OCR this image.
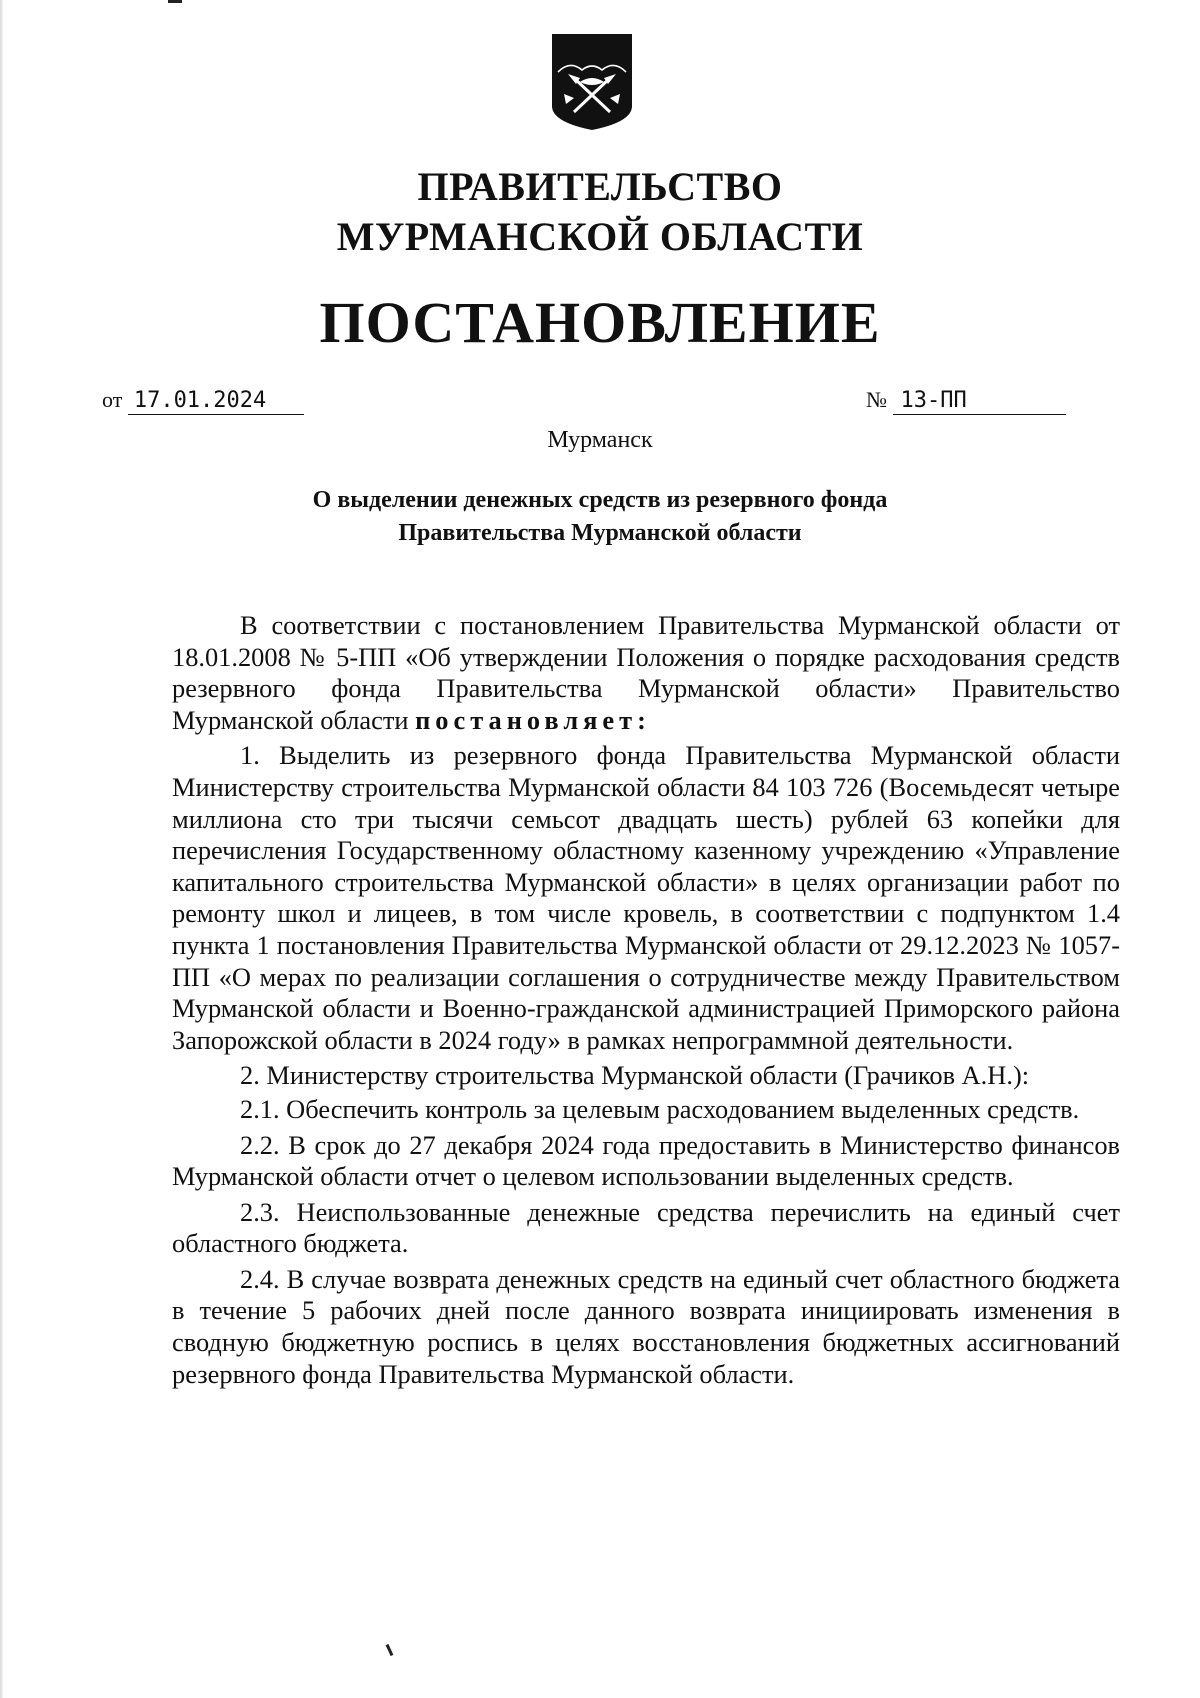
ПРАВИТЕЛЬСТВО
МУРМАНСКОЙ ОБЛАСТИ
ПОСТАНОВЛЕНИЕ
от 17.01.2024	№ 13-ПП
Мурманск
О выделении денежных средств из резервного фонда
Правительства Мурманской области

В соответствии с постановлением Правительства Мурманской области от 18.01.2008 № 5-ПП «Об утверждении Положения о порядке расходования средств резервного фонда Правительства Мурманской области» Правительство Мурманской области постановляет:

1. Выделить из резервного фонда Правительства Мурманской области Министерству строительства Мурманской области 84 103 726 (Восемьдесят четыре миллиона сто три тысячи семьсот двадцать шесть) рублей 63 копейки для перечисления Государственному областному казенному учреждению «Управление капитального строительства Мурманской области» в целях организации работ по ремонту школ и лицеев, в том числе кровель, в соответствии с подпунктом 1.4 пункта 1 постановления Правительства Мурманской области от 29.12.2023 № 1057-ПП «О мерах по реализации соглашения о сотрудничестве между Правительством Мурманской области и Военно-гражданской администрацией Приморского района Запорожской области в 2024 году» в рамках непрограммной деятельности.

2. Министерству строительства Мурманской области (Грачиков А.Н.):

2.1. Обеспечить контроль за целевым расходованием выделенных средств.

2.2. В срок до 27 декабря 2024 года предоставить в Министерство финансов Мурманской области отчет о целевом использовании выделенных средств.

2.3. Неиспользованные денежные средства перечислить на единый счет областного бюджета.

2.4. В случае возврата денежных средств на единый счет областного бюджета в течение 5 рабочих дней после данного возврата инициировать изменения в сводную бюджетную роспись в целях восстановления бюджетных ассигнований резервного фонда Правительства Мурманской области.
